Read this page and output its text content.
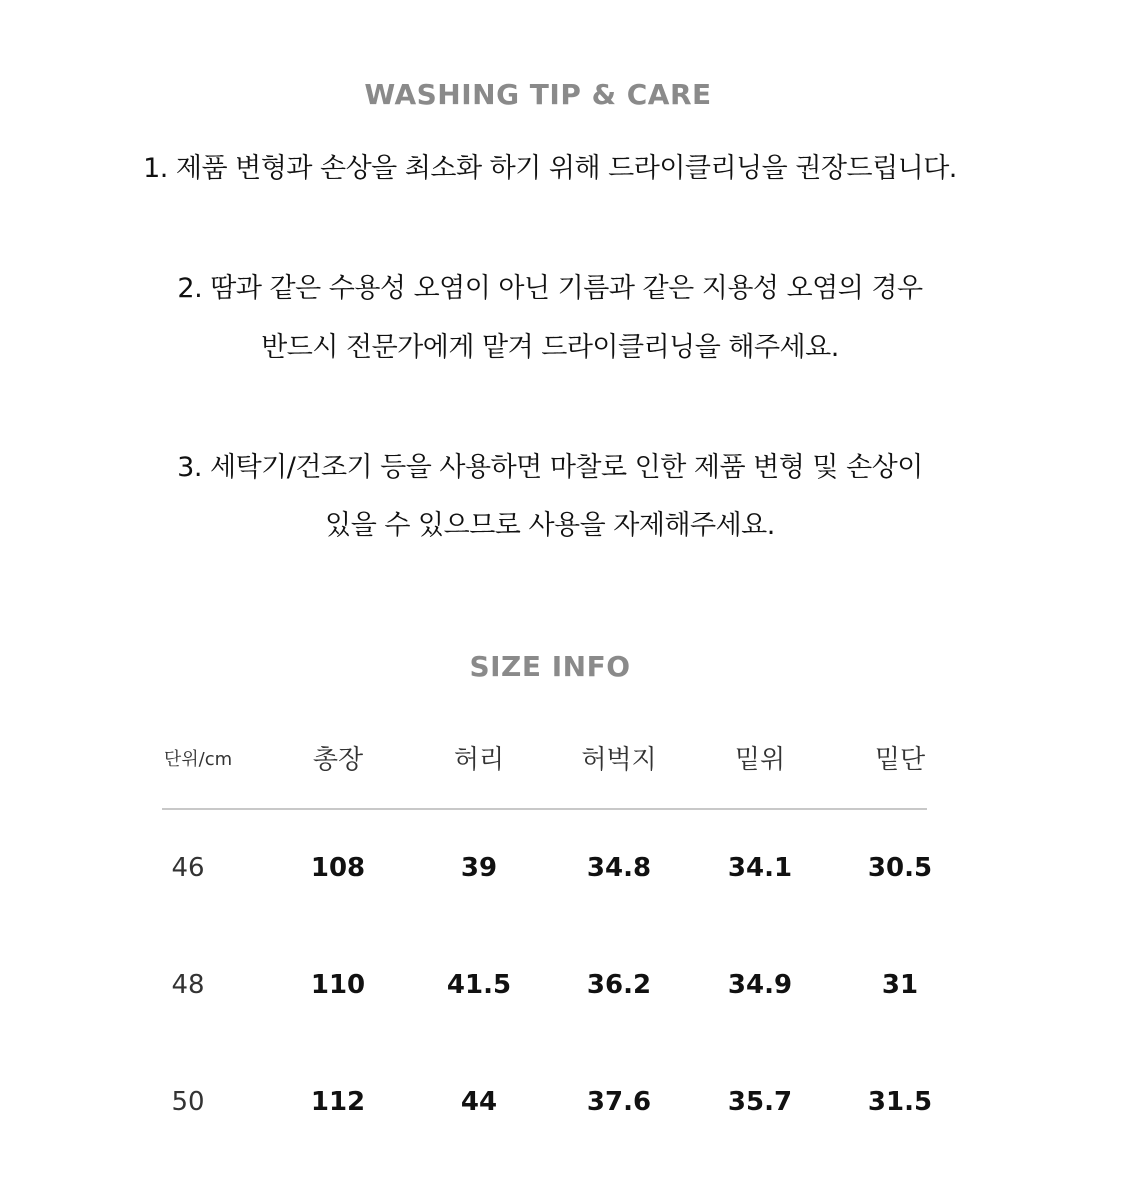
WASHING TIP & CARE
1. 제품 변형과 손상을 최소화 하기 위해 드라이클리닝을 권장드립니다.
2. 땀과 같은 수용성 오염이 아닌 기름과 같은 지용성 오염의 경우
반드시 전문가에게 맡겨 드라이클리닝을 해주세요.
3. 세탁기/건조기 등을 사용하면 마찰로 인한 제품 변형 및 손상이
있을 수 있으므로 사용을 자제해주세요.
SIZE INFO
단위/cm	총장	허리	허벅지	밑위	밑단
46	108	39	34.8	34.1	30.5
48	110	41.5	36.2	34.9	31
50	112	44	37.6	35.7	31.5
